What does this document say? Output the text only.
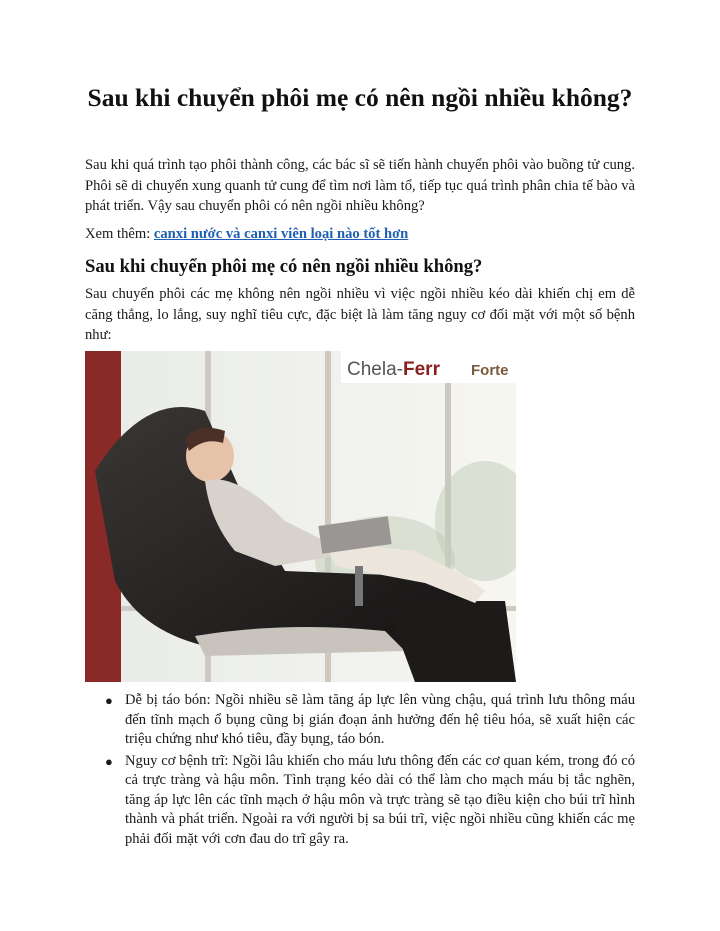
Sau khi chuyển phôi mẹ có nên ngồi nhiều không?

Sau khi quá trình tạo phôi thành công, các bác sĩ sẽ tiến hành chuyển phôi vào buồng tử cung. Phôi sẽ di chuyển xung quanh tử cung để tìm nơi làm tổ, tiếp tục quá trình phân chia tế bào và phát triển. Vậy sau chuyển phôi có nên ngồi nhiều không?

Xem thêm: canxi nước và canxi viên loại nào tốt hơn

Sau khi chuyển phôi mẹ có nên ngồi nhiều không?

Sau chuyển phôi các mẹ không nên ngồi nhiều vì việc ngồi nhiều kéo dài khiến chị em dễ căng thẳng, lo lắng, suy nghĩ tiêu cực, đặc biệt là làm tăng nguy cơ đối mặt với một số bệnh như:

Chela- Ferr Forte
● Dễ bị táo bón: Ngồi nhiều sẽ làm tăng áp lực lên vùng chậu, quá trình lưu thông máu đến tĩnh mạch ổ bụng cũng bị gián đoạn ảnh hưởng đến hệ tiêu hóa, sẽ xuất hiện các triệu chứng như khó tiêu, đầy bụng, táo bón.
● Nguy cơ bệnh trĩ: Ngồi lâu khiến cho máu lưu thông đến các cơ quan kém, trong đó có cả trực tràng và hậu môn. Tình trạng kéo dài có thể làm cho mạch máu bị tắc nghẽn, tăng áp lực lên các tĩnh mạch ở hậu môn và trực tràng sẽ tạo điều kiện cho búi trĩ hình thành và phát triển. Ngoài ra với người bị sa búi trĩ, việc ngồi nhiều cũng khiến các mẹ phải đối mặt với cơn đau do trĩ gây ra.
